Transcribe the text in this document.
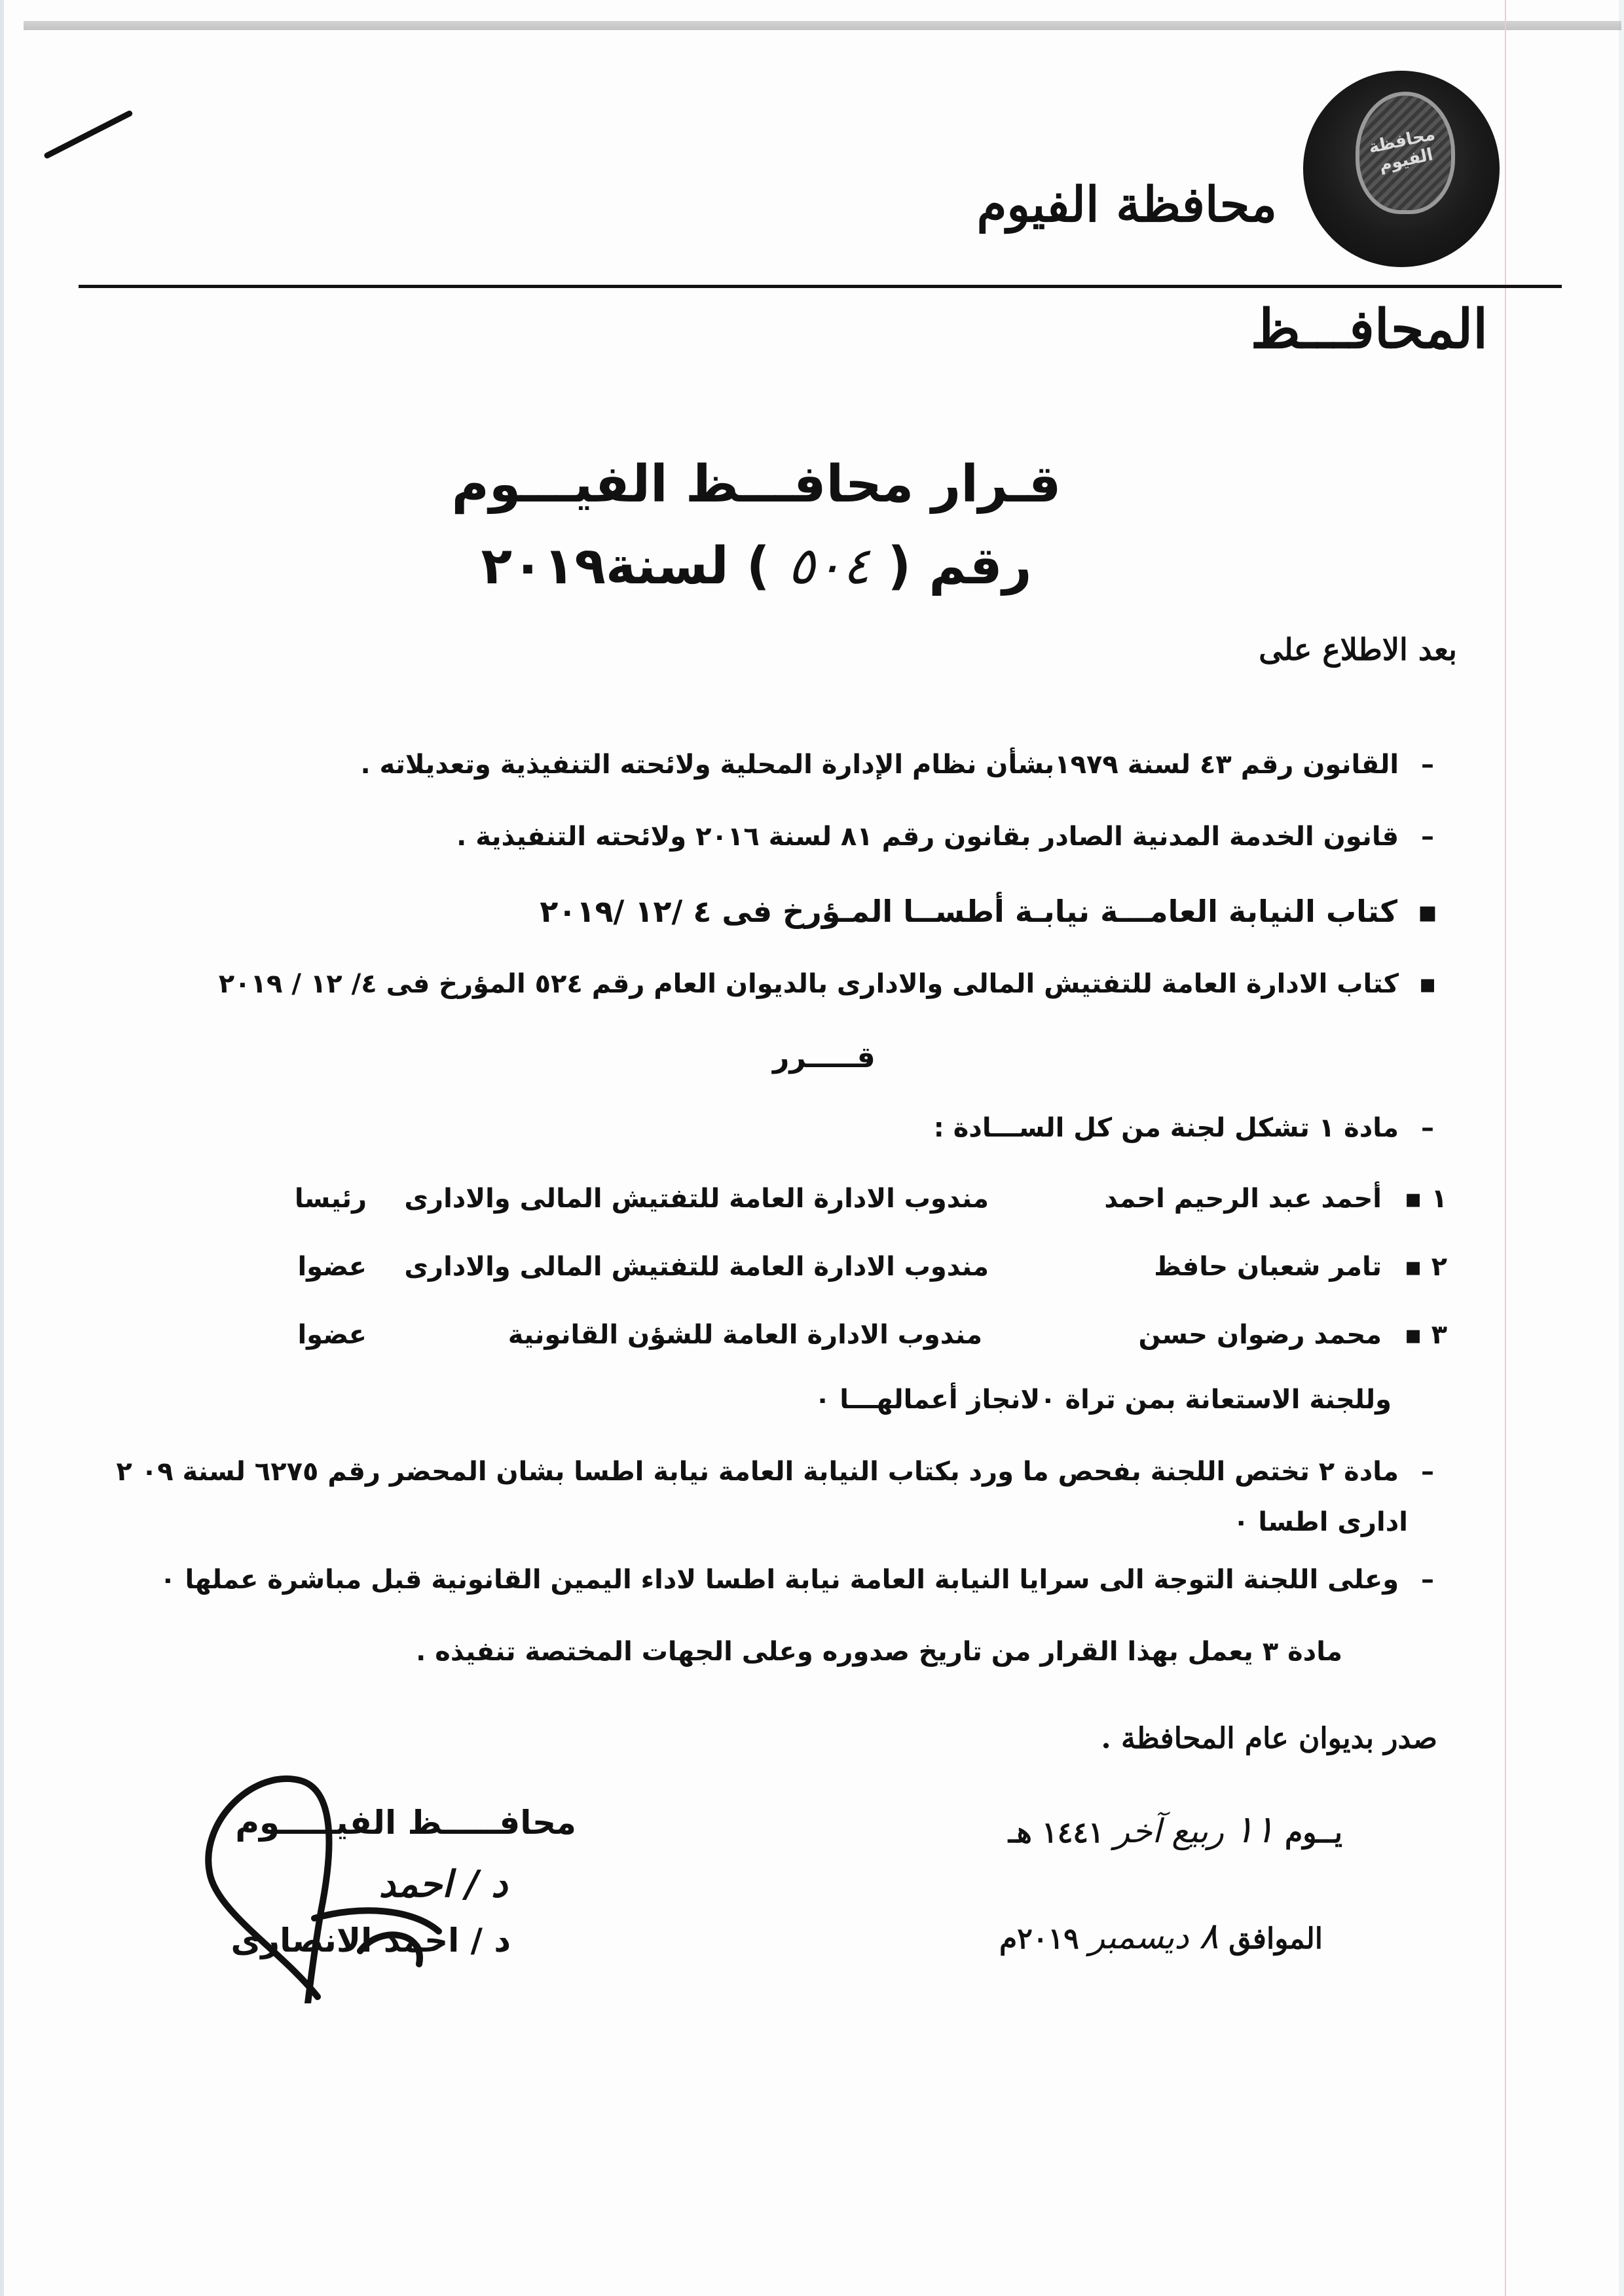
محافظة الفيوم
محافظة الفيوم
المحافـــظ
قـرار محافـــظ الفيـــوم
رقم ( ٥٠٤ ) لسنة٢٠١٩
بعد الاطلاع على
– القانون رقم ٤٣ لسنة ١٩٧٩بشأن نظام الإدارة المحلية ولائحته التنفيذية وتعديلاته .
– قانون الخدمة المدنية الصادر بقانون رقم ٨١ لسنة ٢٠١٦ ولائحته التنفيذية .
▪ كتاب النيابة العامـــة نيابـة أطســا المـؤرخ فى ٤ /١٢ /٢٠١٩
▪ كتاب الادارة العامة للتفتيش المالى والادارى بالديوان العام رقم ٥٢٤ المؤرخ فى ٤/ ١٢ / ٢٠١٩
قـــــرر
– مادة ١ تشكل لجنة من كل الســـادة :
١ ▪
أحمد عبد الرحيم احمد
مندوب الادارة العامة للتفتيش المالى والادارى
رئيسا
٢ ▪
تامر شعبان حافظ
مندوب الادارة العامة للتفتيش المالى والادارى
عضوا
٣ ▪
محمد رضوان حسن
مندوب الادارة العامة للشؤن القانونية
عضوا
وللجنة الاستعانة بمن تراة ٠لانجاز أعمالهـــا ٠
– مادة ٢ تختص اللجنة بفحص ما ورد بكتاب النيابة العامة نيابة اطسا بشان المحضر رقم ٦٢٧٥ لسنة ٠٩ ٢
ادارى اطسا ٠
– وعلى اللجنة التوجة الى سرايا النيابة العامة نيابة اطسا لاداء اليمين القانونية قبل مباشرة عملها ٠
مادة ٣ يعمل بهذا القرار من تاريخ صدوره وعلى الجهات المختصة تنفيذه .
صدر بديوان عام المحافظة .
يــوم ١١ ربيع آخر ١٤٤١ هـ
الموافق ٨ ديسمبر ٢٠١٩م
محافـــــظ الفيـــــوم
د / احمد
د / احمد الانصارى
